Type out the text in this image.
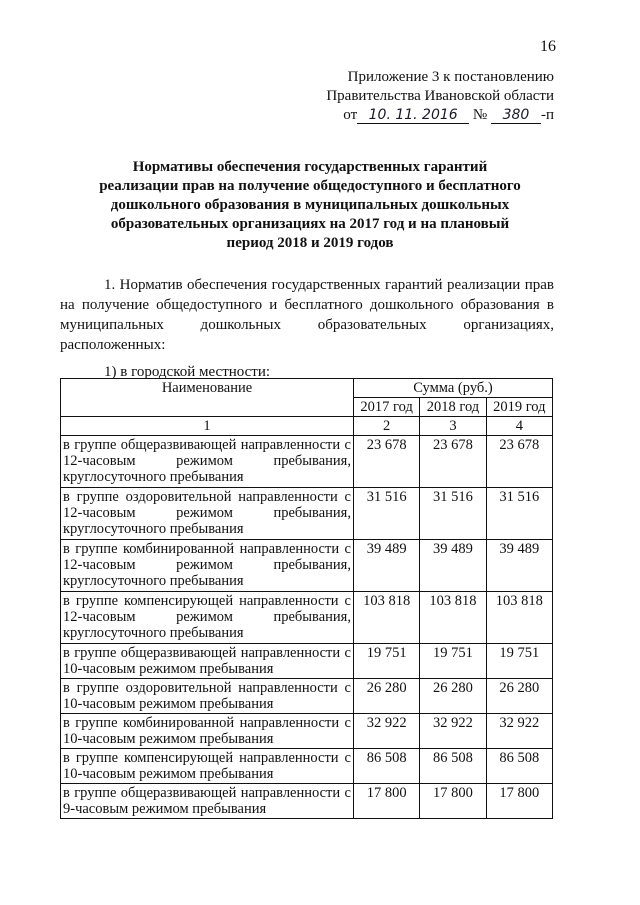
16
Приложение 3 к постановлению
Правительства Ивановской области
от 10. 11. 2016 № 380 -п
Нормативы обеспечения государственных гарантий
реализации прав на получение общедоступного и бесплатного
дошкольного образования в муниципальных дошкольных
образовательных организациях на 2017 год и на плановый
период 2018 и 2019 годов
1. Норматив обеспечения государственных гарантий реализации прав на получение общедоступного и бесплатного дошкольного образования в муниципальных дошкольных образовательных организациях, расположенных:
1) в городской местности:
Наименование	Сумма (руб.)		
	2017 год	2018 год	2019 год
1	2	3	4
в группе общеразвивающей направленности с 12-часовым режимом пребывания, круглосуточного пребывания	23 678	23 678	23 678
в группе оздоровительной направленности с 12-часовым режимом пребывания, круглосуточного пребывания	31 516	31 516	31 516
в группе комбинированной направленности с 12-часовым режимом пребывания, круглосуточного пребывания	39 489	39 489	39 489
в группе компенсирующей направленности с 12-часовым режимом пребывания, круглосуточного пребывания	103 818	103 818	103 818
в группе общеразвивающей направленности с 10-часовым режимом пребывания	19 751	19 751	19 751
в группе оздоровительной направленности с 10-часовым режимом пребывания	26 280	26 280	26 280
в группе комбинированной направленности с 10-часовым режимом пребывания	32 922	32 922	32 922
в группе компенсирующей направленности с 10-часовым режимом пребывания	86 508	86 508	86 508
в группе общеразвивающей направленности с 9-часовым режимом пребывания	17 800	17 800	17 800
